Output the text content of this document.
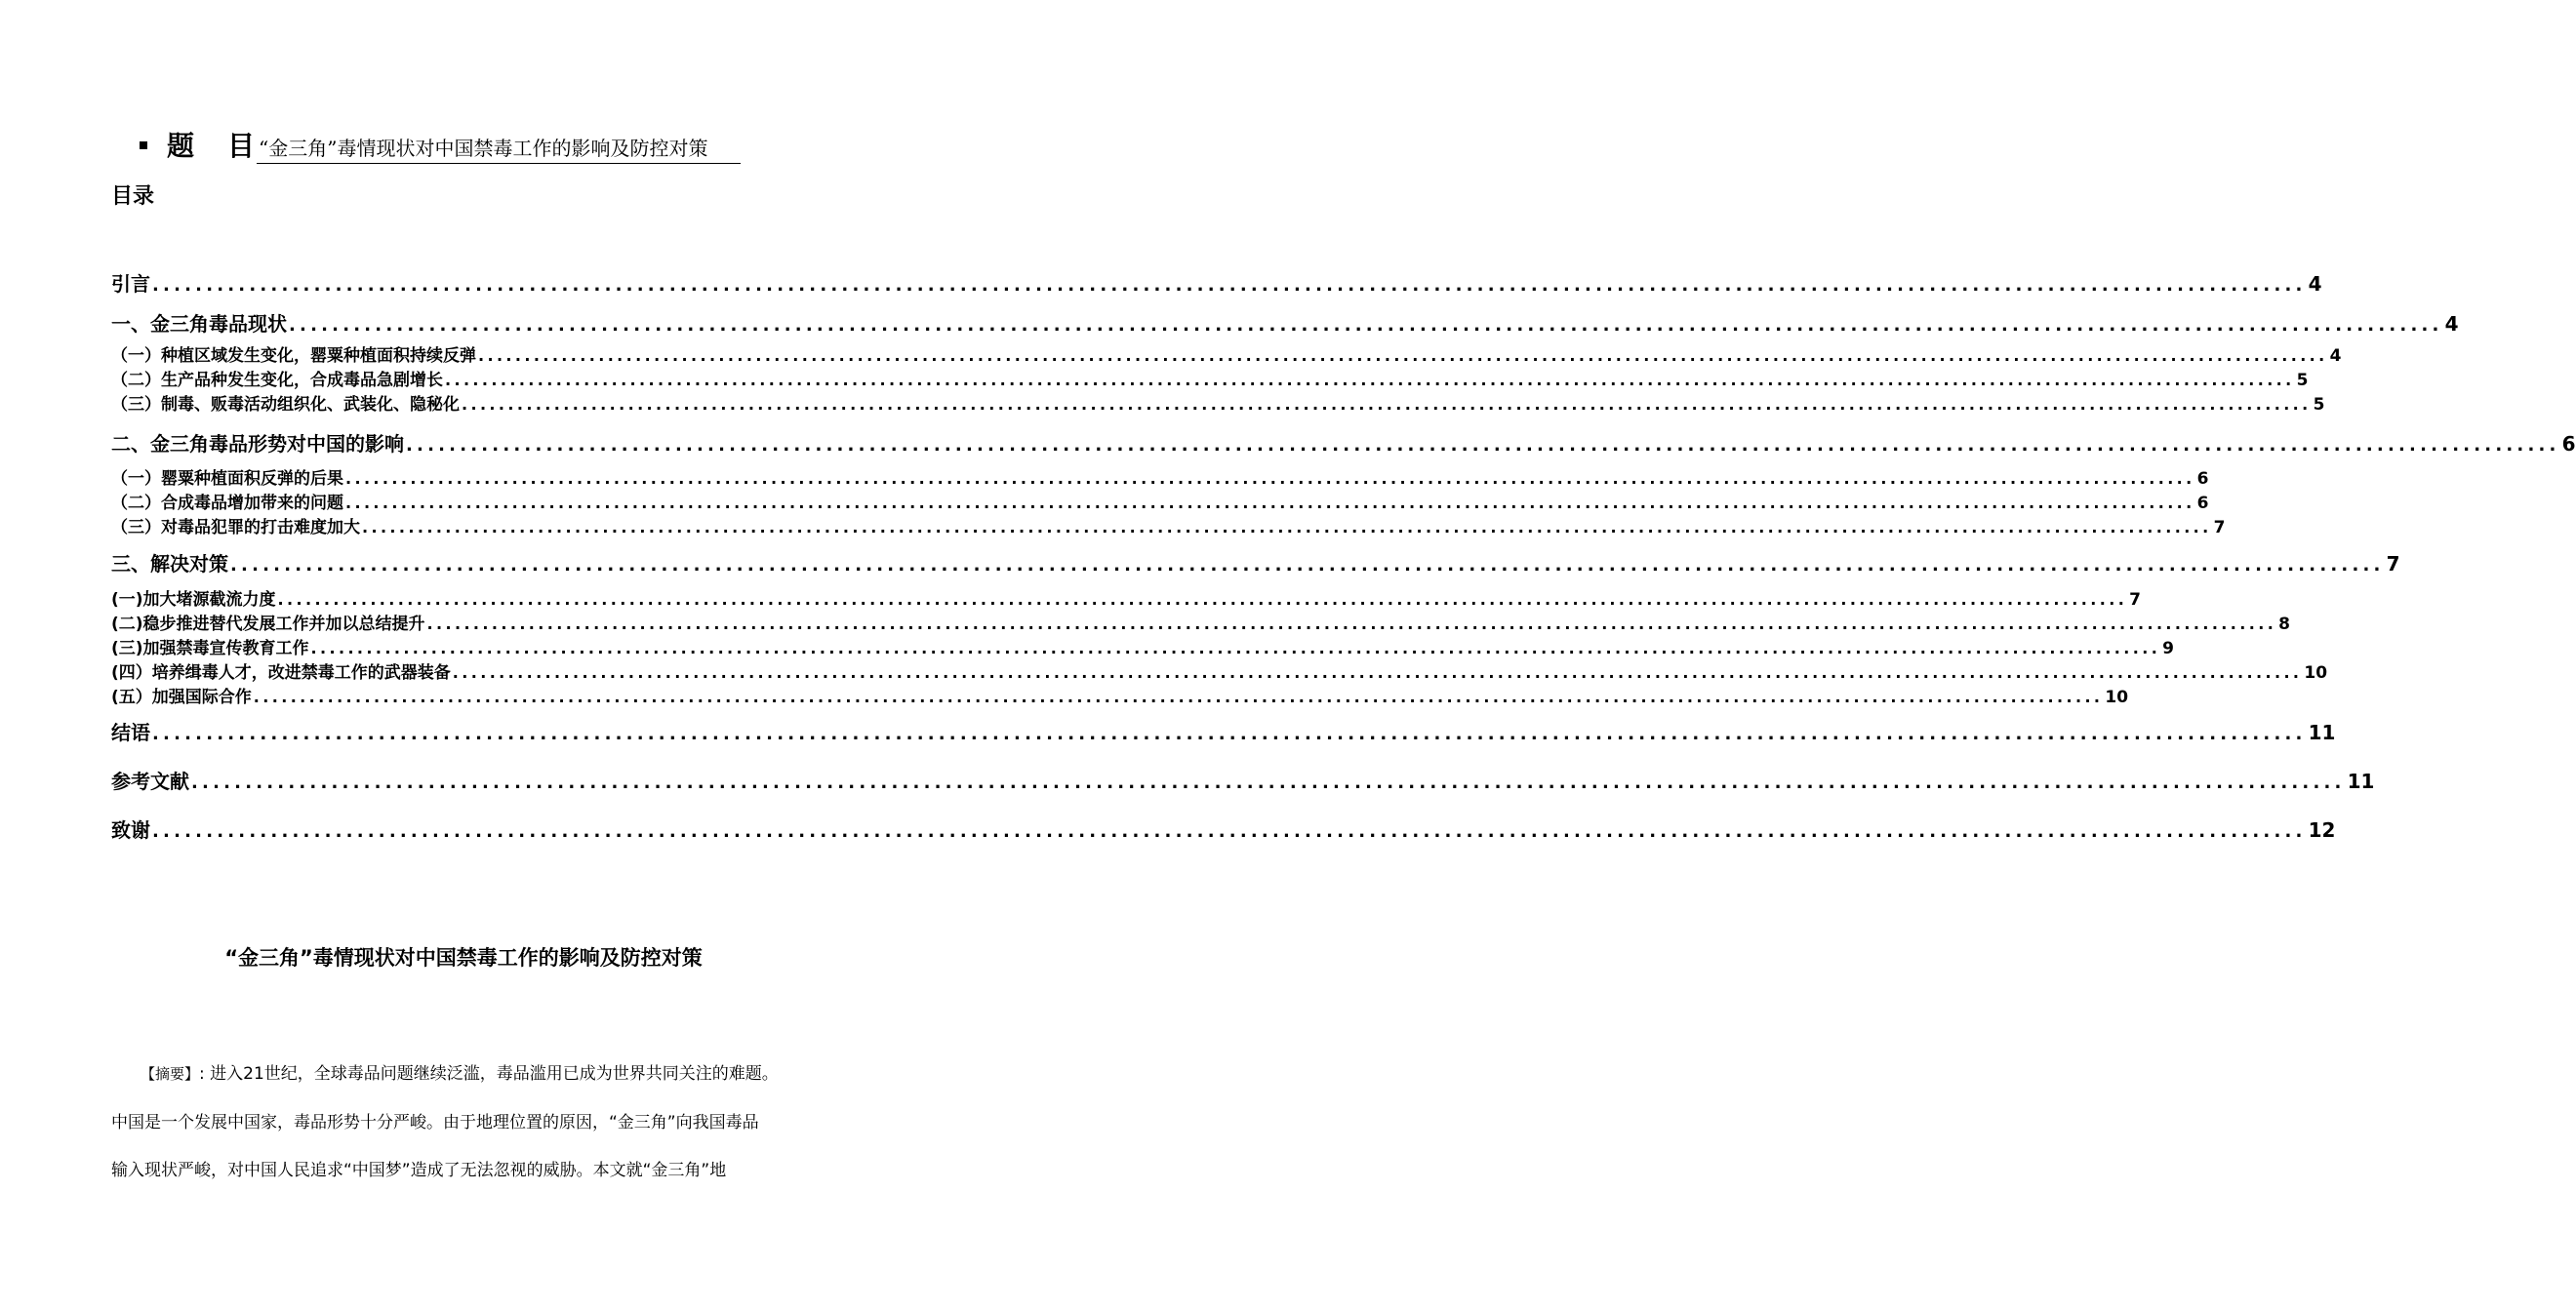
题 目 “金三角”毒情现状对中国禁毒工作的影响及防控对策
目录
引言 ........................................................................................................................................................................................................ 4
一、金三角毒品现状 ........................................................................................................................................................................................................ 4
（一）种植区域发生变化，罂粟种植面积持续反弹 ........................................................................................................................................................................................................ 4
（二）生产品种发生变化，合成毒品急剧增长 ........................................................................................................................................................................................................ 5
（三）制毒、贩毒活动组织化、武装化、隐秘化 ........................................................................................................................................................................................................ 5
二、金三角毒品形势对中国的影响 ........................................................................................................................................................................................................ 6
（一）罂粟种植面积反弹的后果 ........................................................................................................................................................................................................ 6
（二）合成毒品增加带来的问题 ........................................................................................................................................................................................................ 6
（三）对毒品犯罪的打击难度加大 ........................................................................................................................................................................................................ 7
三、解决对策 ........................................................................................................................................................................................................ 7
(一)加大堵源截流力度 ........................................................................................................................................................................................................ 7
(二)稳步推进替代发展工作并加以总结提升 ........................................................................................................................................................................................................ 8
(三)加强禁毒宣传教育工作 ........................................................................................................................................................................................................ 9
(四）培养缉毒人才，改进禁毒工作的武器装备 ........................................................................................................................................................................................................ 10
(五）加强国际合作 ........................................................................................................................................................................................................ 10
结语 ........................................................................................................................................................................................................ 11
参考文献 ........................................................................................................................................................................................................ 11
致谢 ........................................................................................................................................................................................................ 12
“金三角”毒情现状对中国禁毒工作的影响及防控对策
【摘要】: 进入21世纪，全球毒品问题继续泛滥，毒品滥用已成为世界共同关注的难题。
中国是一个发展中国家，毒品形势十分严峻。由于地理位置的原因，“金三角”向我国毒品
输入现状严峻，对中国人民追求“中国梦”造成了无法忽视的威胁。本文就“金三角”地
